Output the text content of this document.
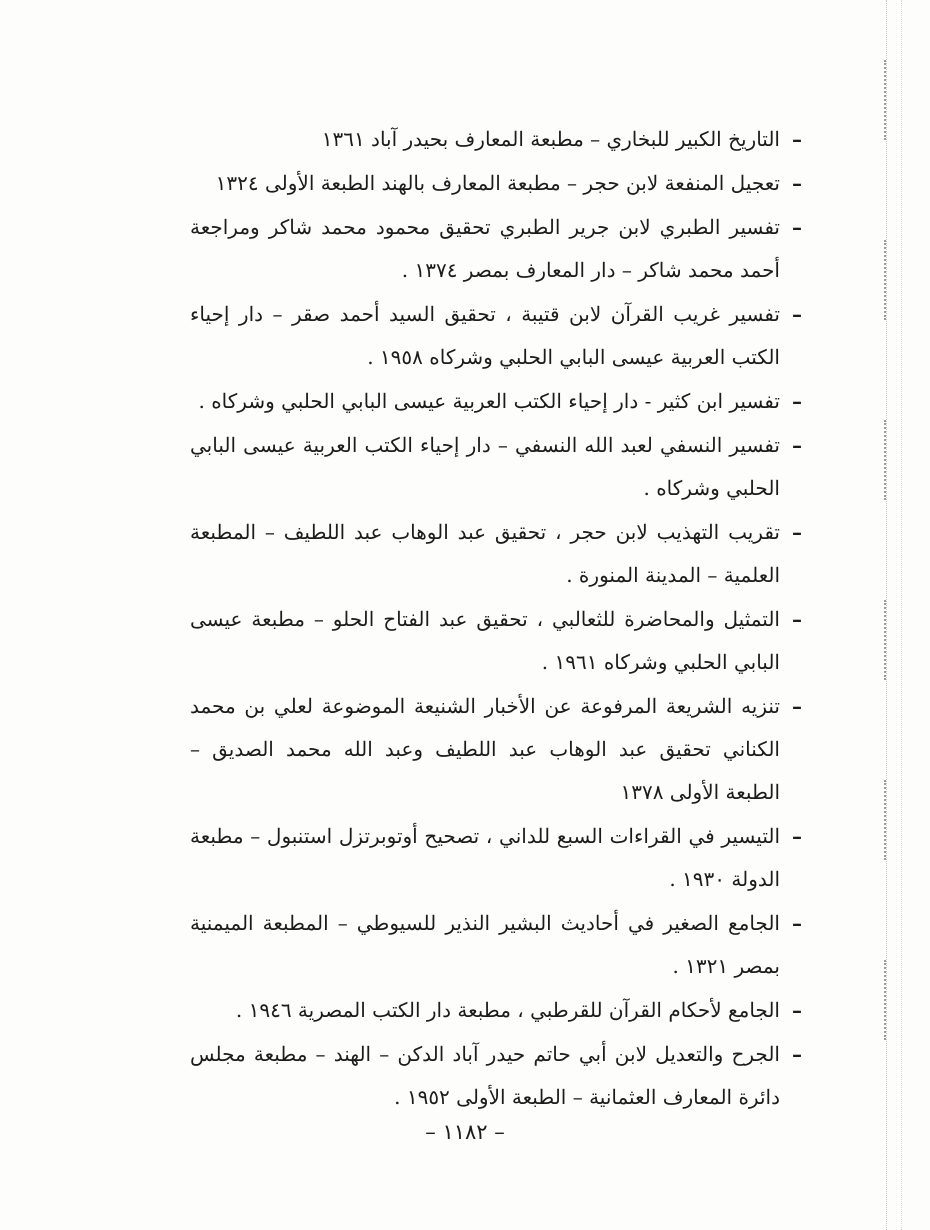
–
التاريخ الكبير للبخاري – مطبعة المعارف بحيدر آباد ١٣٦١

–
تعجيل المنفعة لابن حجر – مطبعة المعارف بالهند الطبعة الأولى ١٣٢٤

–
تفسير الطبري لابن جرير الطبري تحقيق محمود محمد شاكر ومراجعة أحمد محمد شاكر – دار المعارف بمصر ١٣٧٤ .

–
تفسير غريب القرآن لابن قتيبة ، تحقيق السيد أحمد صقر – دار إحياء الكتب العربية عيسى البابي الحلبي وشركاه ١٩٥٨ .

–
تفسير ابن كثير - دار إحياء الكتب العربية عيسى البابي الحلبي وشركاه .

–
تفسير النسفي لعبد الله النسفي – دار إحياء الكتب العربية عيسى البابي الحلبي وشركاه .

–
تقريب التهذيب لابن حجر ، تحقيق عبد الوهاب عبد اللطيف – المطبعة العلمية – المدينة المنورة .

–
التمثيل والمحاضرة للثعالبي ، تحقيق عبد الفتاح الحلو – مطبعة عيسى البابي الحلبي وشركاه ١٩٦١ .

–
تنزيه الشريعة المرفوعة عن الأخبار الشنيعة الموضوعة لعلي بن محمد الكناني تحقيق عبد الوهاب عبد اللطيف وعبد الله محمد الصديق – الطبعة الأولى ١٣٧٨

–
التيسير في القراءات السبع للداني ، تصحيح أوتوبرتزل استنبول – مطبعة الدولة ١٩٣٠ .

–
الجامع الصغير في أحاديث البشير النذير للسيوطي – المطبعة الميمنية بمصر ١٣٢١ .

–
الجامع لأحكام القرآن للقرطبي ، مطبعة دار الكتب المصرية ١٩٤٦ .

–
الجرح والتعديل لابن أبي حاتم حيدر آباد الدكن – الهند – مطبعة مجلس دائرة المعارف العثمانية – الطبعة الأولى ١٩٥٢ .

– ١١٨٢ –
